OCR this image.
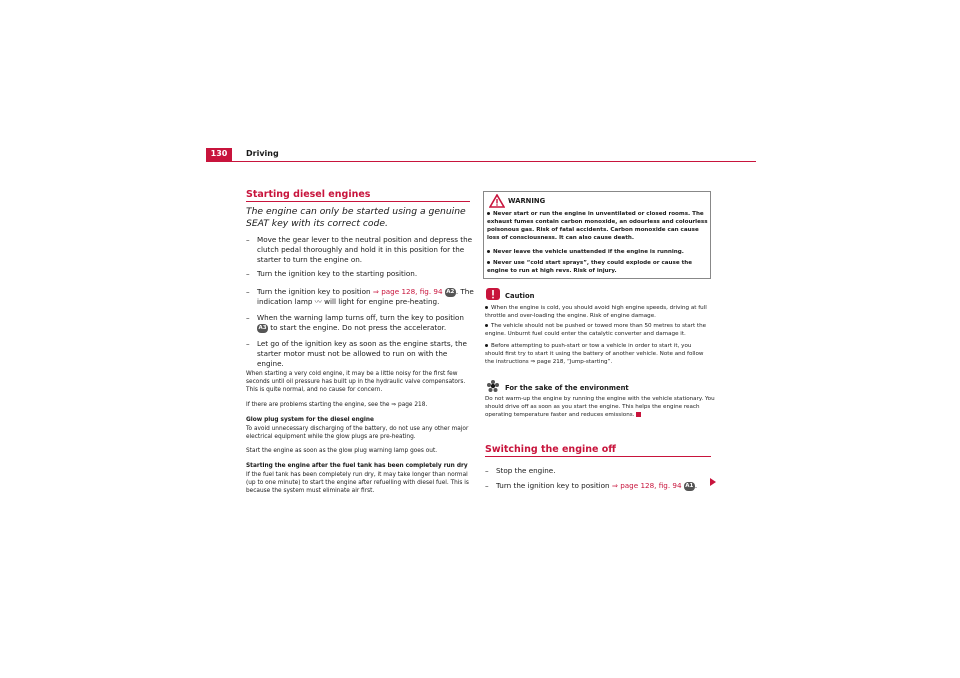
130	Driving
Starting diesel engines
The engine can only be started using a genuine SEAT key with its correct code.
– Move the gear lever to the neutral position and depress the clutch pedal thoroughly and hold it in this position for the starter to turn the engine on.
– Turn the ignition key to the starting position.
– Turn the ignition key to position ⇒ page 128, fig. 94 A2. The indication lamp 〰 will light for engine pre-heating.
– When the warning lamp turns off, turn the key to position A3 to start the engine. Do not press the accelerator.
– Let go of the ignition key as soon as the engine starts, the starter motor must not be allowed to run on with the engine.
When starting a very cold engine, it may be a little noisy for the first few seconds until oil pressure has built up in the hydraulic valve compensators. This is quite normal, and no cause for concern.
If there are problems starting the engine, see the ⇒ page 218.
Glow plug system for the diesel engine
To avoid unnecessary discharging of the battery, do not use any other major electrical equipment while the glow plugs are pre-heating.
Start the engine as soon as the glow plug warning lamp goes out.
Starting the engine after the fuel tank has been completely run dry
If the fuel tank has been completely run dry, it may take longer than normal (up to one minute) to start the engine after refuelling with diesel fuel. This is because the system must eliminate air first.
WARNING
Never start or run the engine in unventilated or closed rooms. The exhaust fumes contain carbon monoxide, an odourless and colourless poisonous gas. Risk of fatal accidents. Carbon monoxide can cause loss of consciousness. It can also cause death.
Never leave the vehicle unattended if the engine is running.
Never use “cold start sprays”, they could explode or cause the engine to run at high revs. Risk of injury.
Caution
When the engine is cold, you should avoid high engine speeds, driving at full throttle and over-loading the engine. Risk of engine damage.
The vehicle should not be pushed or towed more than 50 metres to start the engine. Unburnt fuel could enter the catalytic converter and damage it.
Before attempting to push-start or tow a vehicle in order to start it, you should first try to start it using the battery of another vehicle. Note and follow the instructions ⇒ page 218, “Jump-starting”.
For the sake of the environment
Do not warm-up the engine by running the engine with the vehicle stationary. You should drive off as soon as you start the engine. This helps the engine reach operating temperature faster and reduces emissions.
Switching the engine off
– Stop the engine.
– Turn the ignition key to position ⇒ page 128, fig. 94 A1.
